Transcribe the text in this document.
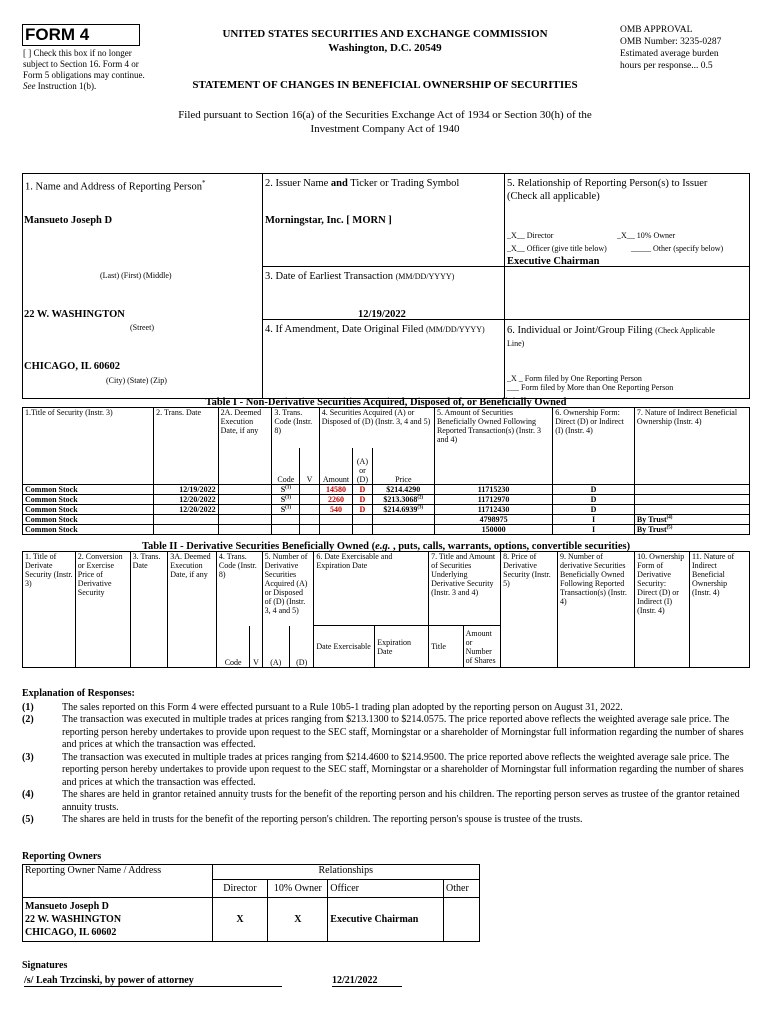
FORM 4
[ ] Check this box if no longer subject to Section 16. Form 4 or Form 5 obligations may continue. See Instruction 1(b).
UNITED STATES SECURITIES AND EXCHANGE COMMISSION
Washington, D.C. 20549
OMB APPROVAL
OMB Number: 3235-0287
Estimated average burden
hours per response... 0.5
STATEMENT OF CHANGES IN BENEFICIAL OWNERSHIP OF SECURITIES
Filed pursuant to Section 16(a) of the Securities Exchange Act of 1934 or Section 30(h) of the
Investment Company Act of 1940
1. Name and Address of Reporting Person*
Mansueto Joseph D
(Last) (First) (Middle)
22 W. WASHINGTON
(Street)
CHICAGO, IL 60602
(City) (State) (Zip)
2. Issuer Name and Ticker or Trading Symbol
Morningstar, Inc. [ MORN ]
3. Date of Earliest Transaction (MM/DD/YYYY)
12/19/2022
4. If Amendment, Date Original Filed (MM/DD/YYYY)
5. Relationship of Reporting Person(s) to Issuer
(Check all applicable)
_X__ Director	_X__ 10% Owner
_X__ Officer (give title below)	_____ Other (specify below)
Executive Chairman
6. Individual or Joint/Group Filing (Check Applicable
Line)
_X _ Form filed by One Reporting Person
___ Form filed by More than One Reporting Person
Table I - Non-Derivative Securities Acquired, Disposed of, or Beneficially Owned
1.Title of Security (Instr. 3)	2. Trans. Date	2A. Deemed Execution Date, if any	3. Trans. Code (Instr. 8)		4. Securities Acquired (A) or Disposed of (D) (Instr. 3, 4 and 5)			5. Amount of Securities Beneficially Owned Following Reported Transaction(s) (Instr. 3 and 4)	6. Ownership Form: Direct (D) or Indirect (I) (Instr. 4)	7. Nature of Indirect Beneficial Ownership (Instr. 4)
			Code	V	Amount	(A) or (D)	Price			
Common Stock	12/19/2022		$S^{(1)}$		14580	D	$214.4290	11715230	D	
Common Stock	12/20/2022		$S^{(1)}$		2260	D	$213.3068$^{(2)}$	11712970	D	
Common Stock	12/20/2022		$S^{(1)}$		540	D	$214.6939$^{(3)}$	11712430	D	
Common Stock								4798975	I	By Trust$^{(4)}$
Common Stock								150000	I	By Trust$^{(5)}$
Table II - Derivative Securities Beneficially Owned (e.g. , puts, calls, warrants, options, convertible securities)
1. Title of Derivate Security (Instr. 3)	2. Conversion or Exercise Price of Derivative Security	3. Trans. Date	3A. Deemed Execution Date, if any	4. Trans. Code (Instr. 8)		5. Number of Derivative Securities Acquired (A) or Disposed of (D) (Instr. 3, 4 and 5)		6. Date Exercisable and Expiration Date		7. Title and Amount of Securities Underlying Derivative Security (Instr. 3 and 4)		8. Price of Derivative Security (Instr. 5)	9. Number of derivative Securities Beneficially Owned Following Reported Transaction(s) (Instr. 4)	10. Ownership Form of Derivative Security: Direct (D) or Indirect (I) (Instr. 4)	11. Nature of Indirect Beneficial Ownership (Instr. 4)
				Code	V	(A)	(D)	Date Exercisable	Expiration Date	Title	Amount or Number of Shares				
Explanation of Responses:
(1)	The sales reported on this Form 4 were effected pursuant to a Rule 10b5-1 trading plan adopted by the reporting person on August 31, 2022.
(2)	The transaction was executed in multiple trades at prices ranging from $213.1300 to $214.0575. The price reported above reflects the weighted average sale price. The reporting person hereby undertakes to provide upon request to the SEC staff, Morningstar or a shareholder of Morningstar full information regarding the number of shares and prices at which the transaction was effected.
(3)	The transaction was executed in multiple trades at prices ranging from $214.4600 to $214.9500. The price reported above reflects the weighted average sale price. The reporting person hereby undertakes to provide upon request to the SEC staff, Morningstar or a shareholder of Morningstar full information regarding the number of shares and prices at which the transaction was effected.
(4)	The shares are held in grantor retained annuity trusts for the benefit of the reporting person and his children. The reporting person serves as trustee of the grantor retained annuity trusts.
(5)	The shares are held in trusts for the benefit of the reporting person's children. The reporting person's spouse is trustee of the trusts.
Reporting Owners
Reporting Owner Name / Address	Relationships			
	Director	10% Owner	Officer	Other

Mansueto Joseph D
22 W. WASHINGTON
CHICAGO, IL 60602	X	X	Executive Chairman	
Signatures
/s/ Leah Trzcinski, by power of attorney	12/21/2022
